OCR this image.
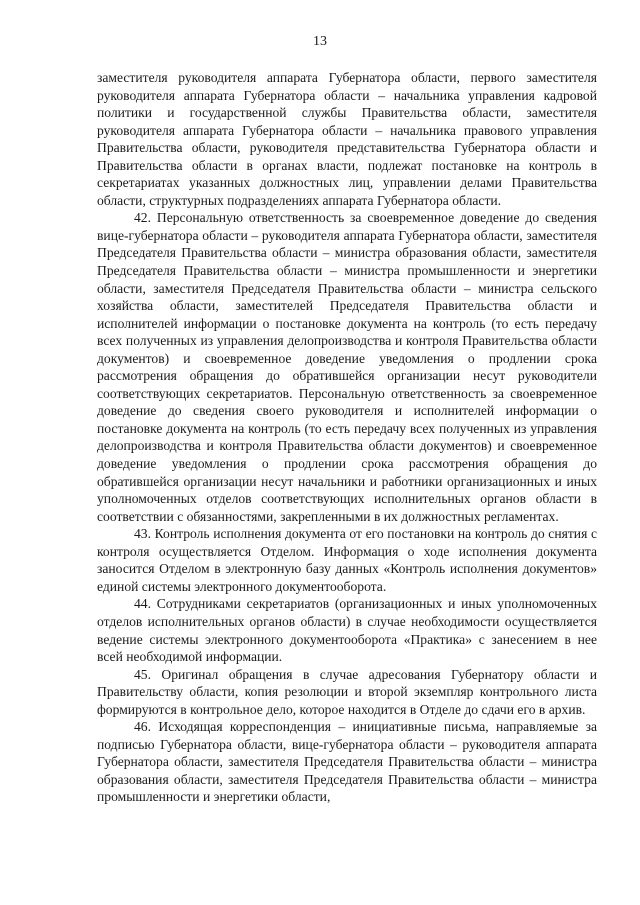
13

заместителя руководителя аппарата Губернатора области, первого заместителя руководителя аппарата Губернатора области – начальника управления кадровой политики и государственной службы Правительства области, заместителя руководителя аппарата Губернатора области – начальника правового управления Правительства области, руководителя представительства Губернатора области и Правительства области в органах власти, подлежат постановке на контроль в секретариатах указанных должностных лиц, управлении делами Правительства области, структурных подразделениях аппарата Губернатора области.

42. Персональную ответственность за своевременное доведение до сведения вице-губернатора области – руководителя аппарата Губернатора области, заместителя Председателя Правительства области – министра образования области, заместителя Председателя Правительства области – министра промышленности и энергетики области, заместителя Председателя Правительства области – министра сельского хозяйства области, заместителей Председателя Правительства области и исполнителей информации о постановке документа на контроль (то есть передачу всех полученных из управления делопроизводства и контроля Правительства области документов) и своевременное доведение уведомления о продлении срока рассмотрения обращения до обратившейся организации несут руководители соответствующих секретариатов. Персональную ответственность за своевременное доведение до сведения своего руководителя и исполнителей информации о постановке документа на контроль (то есть передачу всех полученных из управления делопроизводства и контроля Правительства области документов) и своевременное доведение уведомления о продлении срока рассмотрения обращения до обратившейся организации несут начальники и работники организационных и иных уполномоченных отделов соответствующих исполнительных органов области в соответствии с обязанностями, закрепленными в их должностных регламентах.

43. Контроль исполнения документа от его постановки на контроль до снятия с контроля осуществляется Отделом. Информация о ходе исполнения документа заносится Отделом в электронную базу данных «Контроль исполнения документов» единой системы электронного документооборота.

44. Сотрудниками секретариатов (организационных и иных уполномоченных отделов исполнительных органов области) в случае необходимости осуществляется ведение системы электронного документооборота «Практика» с занесением в нее всей необходимой информации.

45. Оригинал обращения в случае адресования Губернатору области и Правительству области, копия резолюции и второй экземпляр контрольного листа формируются в контрольное дело, которое находится в Отделе до сдачи его в архив.

46. Исходящая корреспонденция – инициативные письма, направляемые за подписью Губернатора области, вице-губернатора области – руководителя аппарата Губернатора области, заместителя Председателя Правительства области – министра образования области, заместителя Председателя Правительства области – министра промышленности и энергетики области,
